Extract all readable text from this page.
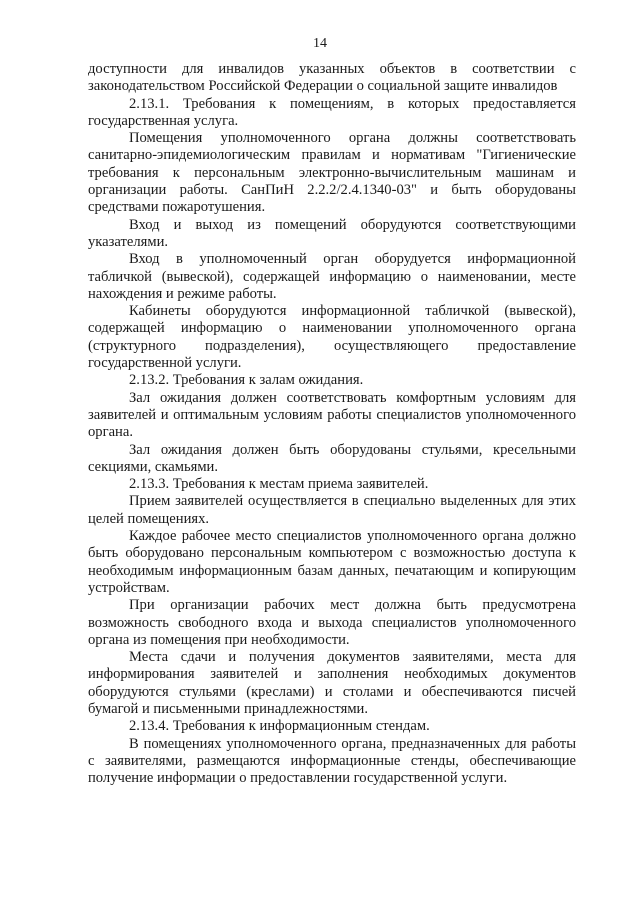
14

доступности для инвалидов указанных объектов в соответствии с законодательством Российской Федерации о социальной защите инвалидов

2.13.1. Требования к помещениям, в которых предоставляется государственная услуга.

Помещения уполномоченного органа должны соответствовать санитарно-эпидемиологическим правилам и нормативам "Гигиенические требования к персональным электронно-вычислительным машинам и организации работы. СанПиН 2.2.2/2.4.1340-03" и быть оборудованы средствами пожаротушения.

Вход и выход из помещений оборудуются соответствующими указателями.

Вход в уполномоченный орган оборудуется информационной табличкой (вывеской), содержащей информацию о наименовании, месте нахождения и режиме работы.

Кабинеты оборудуются информационной табличкой (вывеской), содержащей информацию о наименовании уполномоченного органа (структурного подразделения), осуществляющего предоставление государственной услуги.

2.13.2. Требования к залам ожидания.

Зал ожидания должен соответствовать комфортным условиям для заявителей и оптимальным условиям работы специалистов уполномоченного органа.

Зал ожидания должен быть оборудованы стульями, кресельными секциями, скамьями.

2.13.3. Требования к местам приема заявителей.

Прием заявителей осуществляется в специально выделенных для этих целей помещениях.

Каждое рабочее место специалистов уполномоченного органа должно быть оборудовано персональным компьютером с возможностью доступа к необходимым информационным базам данных, печатающим и копирующим устройствам.

При организации рабочих мест должна быть предусмотрена возможность свободного входа и выхода специалистов уполномоченного органа из помещения при необходимости.

Места сдачи и получения документов заявителями, места для информирования заявителей и заполнения необходимых документов оборудуются стульями (креслами) и столами и обеспечиваются писчей бумагой и письменными принадлежностями.

2.13.4. Требования к информационным стендам.

В помещениях уполномоченного органа, предназначенных для работы с заявителями, размещаются информационные стенды, обеспечивающие получение информации о предоставлении государственной услуги.
